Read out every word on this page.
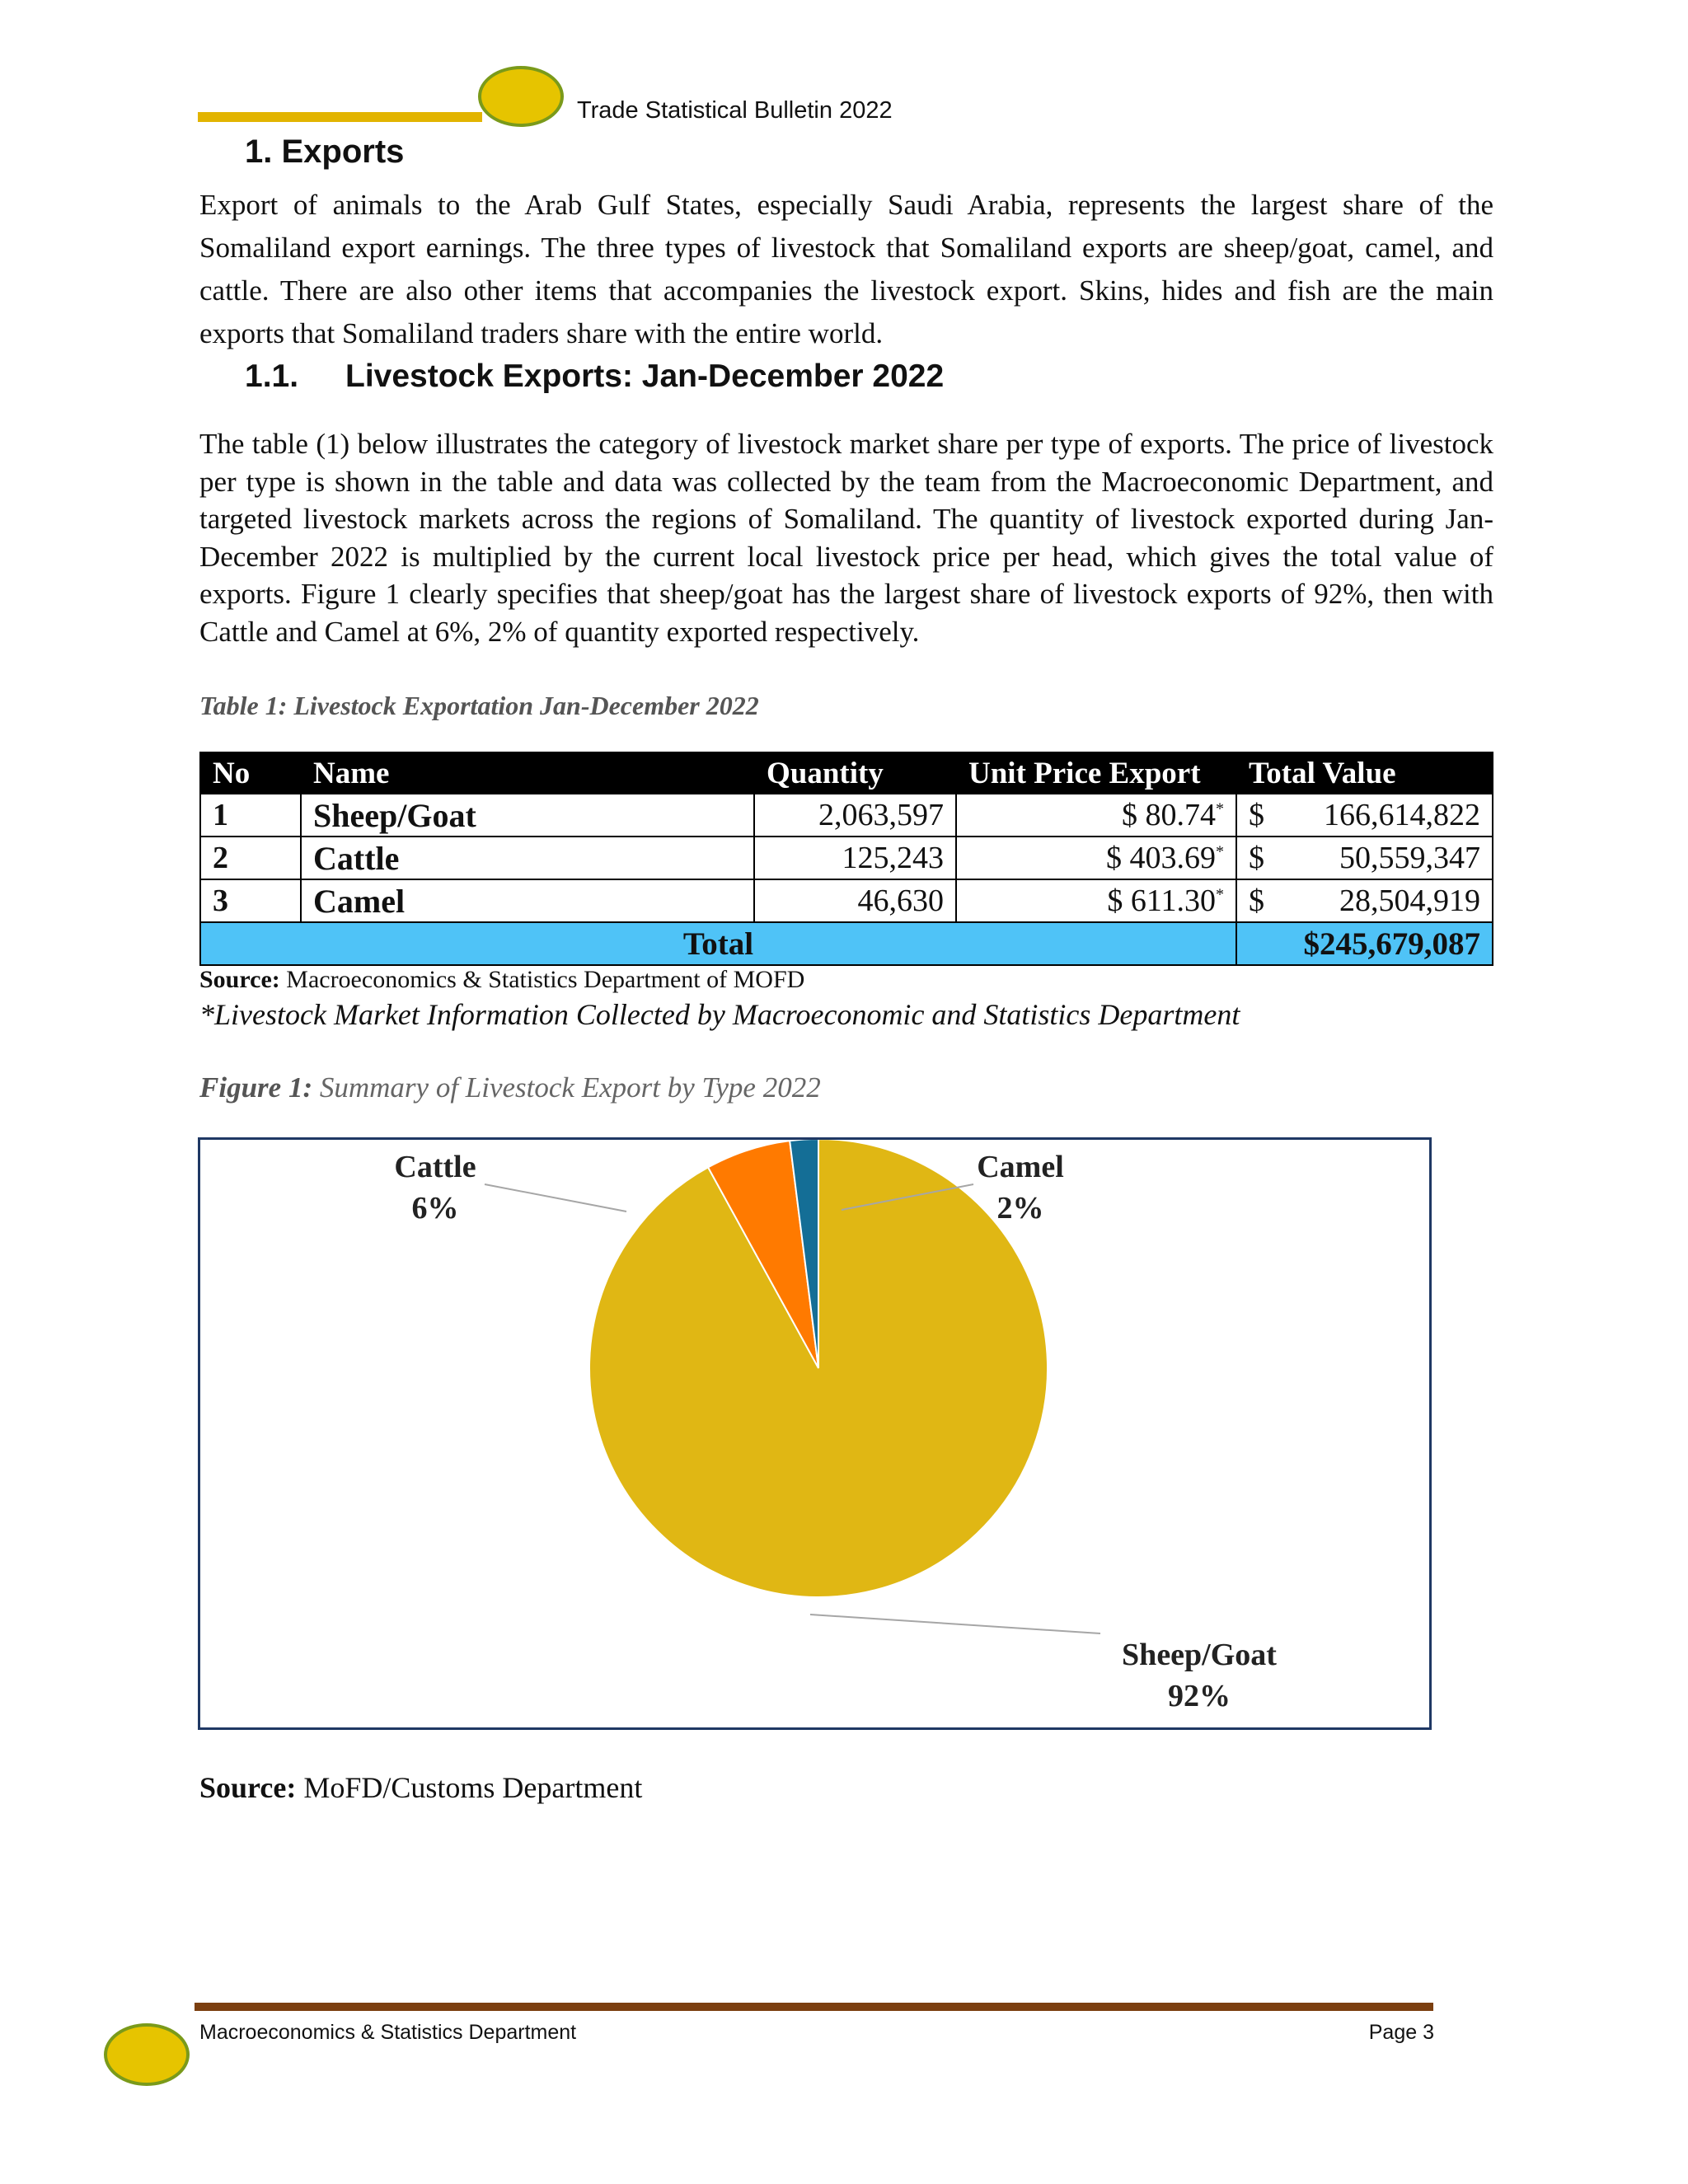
Trade Statistical Bulletin 2022
1. Exports

Export of animals to the Arab Gulf States, especially Saudi Arabia, represents the largest share of the Somaliland export earnings. The three types of livestock that Somaliland exports are sheep/goat, camel, and cattle. There are also other items that accompanies the livestock export. Skins, hides and fish are the main exports that Somaliland traders share with the entire world.

1.1.	Livestock Exports: Jan-December 2022

The table (1) below illustrates the category of livestock market share per type of exports. The price of livestock per type is shown in the table and data was collected by the team from the Macroeconomic Department, and targeted livestock markets across the regions of Somaliland. The quantity of livestock exported during Jan-December 2022 is multiplied by the current local livestock price per head, which gives the total value of exports. Figure 1 clearly specifies that sheep/goat has the largest share of livestock exports of 92%, then with Cattle and Camel at 6%, 2% of quantity exported respectively.

Table 1: Livestock Exportation Jan-December 2022
No	Name	Quantity	Unit Price Export	Total Value
1	Sheep/Goat	2,063,597	$ 80.74*	$ 166,614,822
2	Cattle	125,243	$ 403.69*	$ 50,559,347
3	Camel	46,630	$ 611.30*	$ 28,504,919
Total				$245,679,087
Source: Macroeconomics & Statistics Department of MOFD
*Livestock Market Information Collected by Macroeconomic and Statistics Department
Figure 1: Summary of Livestock Export by Type 2022
Sheep/Goat
92%
Cattle
6%
Camel
2%
Source: MoFD/Customs Department
Macroeconomics & Statistics Department	Page 3
